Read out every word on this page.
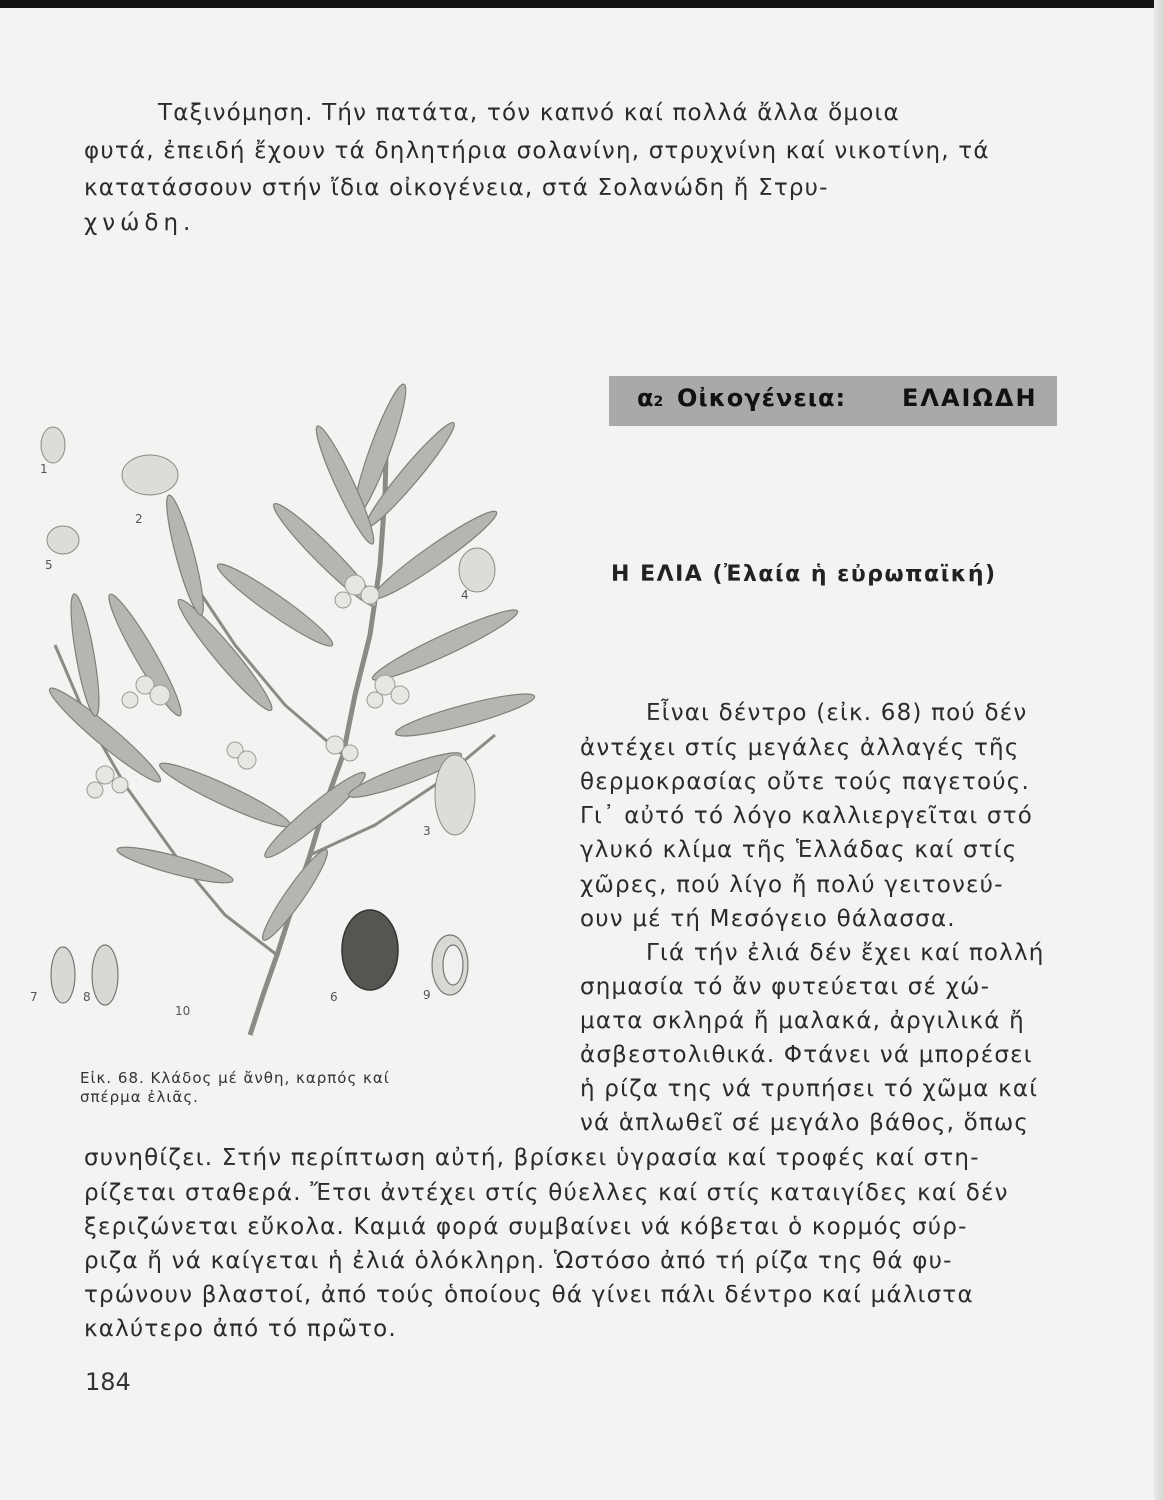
Ταξινόμηση. Τήν πατάτα, τόν καπνό καί πολλά ἄλλα ὅμοια
φυτά, ἐπειδή ἔχουν τά δηλητήρια σολανίνη, στρυχνίνη καί νικοτίνη, τά
κατατάσσουν στήν ἴδια οἰκογένεια, στά Σολανώδη ἤ Στρυ-
χνώδη.
α2 Οἰκογένεια: ΕΛΑΙΩΔΗ
Η ΕΛΙΑ (Ἐλαία ἡ εὐρωπαϊκή)
1
2
5
4
3
7	8
10
6	9
Εἰκ. 68. Κλάδος μέ ἄνθη, καρπός καί
σπέρμα ἐλιᾶς.
Εἶναι δέντρο (εἰκ. 68) πού δέν
ἀντέχει στίς μεγάλες ἀλλαγές τῆς
θερμοκρασίας οὔτε τούς παγετούς.
Γι᾿ αὐτό τό λόγο καλλιεργεῖται στό
γλυκό κλίμα τῆς Ἑλλάδας καί στίς
χῶρες, πού λίγο ἤ πολύ γειτονεύ-
ουν μέ τή Μεσόγειο θάλασσα.
Γιά τήν ἐλιά δέν ἔχει καί πολλή
σημασία τό ἄν φυτεύεται σέ χώ-
ματα σκληρά ἤ μαλακά, ἀργιλικά ἤ
ἀσβεστολιθικά. Φτάνει νά μπορέσει
ἡ ρίζα της νά τρυπήσει τό χῶμα καί
νά ἁπλωθεῖ σέ μεγάλο βάθος, ὅπως
συνηθίζει. Στήν περίπτωση αὐτή, βρίσκει ὑγρασία καί τροφές καί στη-
ρίζεται σταθερά. Ἔτσι ἀντέχει στίς θύελλες καί στίς καταιγίδες καί δέν
ξεριζώνεται εὔκολα. Καμιά φορά συμβαίνει νά κόβεται ὁ κορμός σύρ-
ριζα ἤ νά καίγεται ἡ ἐλιά ὁλόκληρη. Ὡστόσο ἀπό τή ρίζα της θά φυ-
τρώνουν βλαστοί, ἀπό τούς ὁποίους θά γίνει πάλι δέντρο καί μάλιστα
καλύτερο ἀπό τό πρῶτο.
184
